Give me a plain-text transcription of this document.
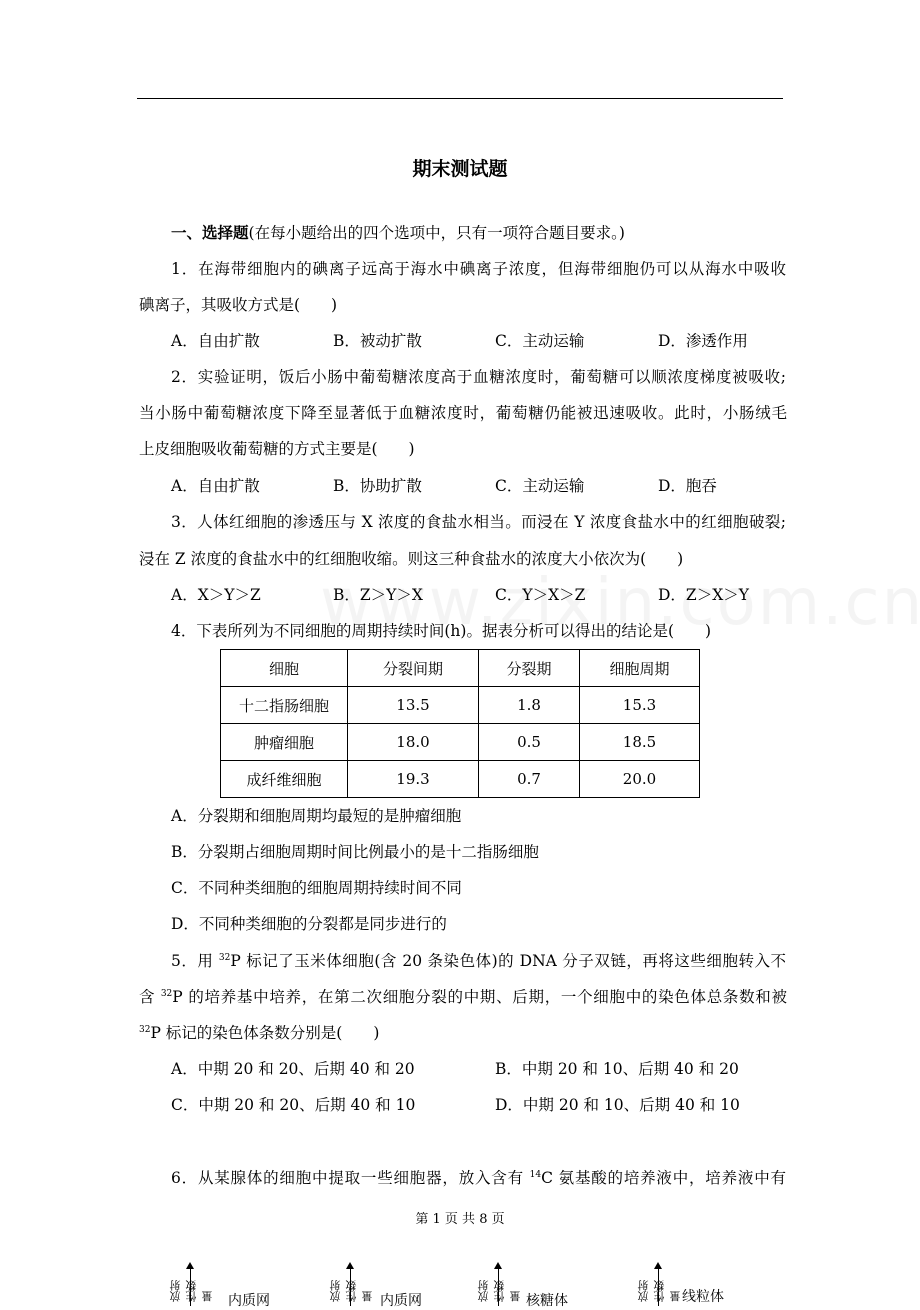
期末测试题
一、选择题(在每小题给出的四个选项中，只有一项符合题目要求。)
1．在海带细胞内的碘离子远高于海水中碘离子浓度，但海带细胞仍可以从海水中吸收
碘离子，其吸收方式是(　　)
A．自由扩散	B．被动扩散	C．主动运输	D．渗透作用
2．实验证明，饭后小肠中葡萄糖浓度高于血糖浓度时，葡萄糖可以顺浓度梯度被吸收;
当小肠中葡萄糖浓度下降至显著低于血糖浓度时，葡萄糖仍能被迅速吸收。此时，小肠绒毛
上皮细胞吸收葡萄糖的方式主要是(　　)
A．自由扩散	B．协助扩散	C．主动运输	D．胞吞
3．人体红细胞的渗透压与 X 浓度的食盐水相当。而浸在 Y 浓度食盐水中的红细胞破裂;
浸在 Z 浓度的食盐水中的红细胞收缩。则这三种食盐水的浓度大小依次为(　　)
A．X＞Y＞Z	B．Z＞Y＞X	C．Y＞X＞Z	D．Z＞X＞Y
4．下表所列为不同细胞的周期持续时间(h)。据表分析可以得出的结论是(　　)
细胞	分裂间期	分裂期	细胞周期
十二指肠细胞	13.5	1.8	15.3
肿瘤细胞	18.0	0.5	18.5
成纤维细胞	19.3	0.7	20.0
A．分裂期和细胞周期均最短的是肿瘤细胞
B．分裂期占细胞周期时间比例最小的是十二指肠细胞
C．不同种类细胞的细胞周期持续时间不同
D．不同种类细胞的分裂都是同步进行的
5．用 $^{32}$P 标记了玉米体细胞(含 20 条染色体)的 DNA 分子双链，再将这些细胞转入不
含 $^{32}$P 的培养基中培养，在第二次细胞分裂的中期、后期，一个细胞中的染色体总条数和被
$^{32}$P 标记的染色体条数分别是(　　)
A．中期 20 和 20、后期 40 和 20	B．中期 20 和 10、后期 40 和 20
C．中期 20 和 20、后期 40 和 10	D．中期 20 和 10、后期 40 和 10
6．从某腺体的细胞中提取一些细胞器，放入含有 $^{14}$C 氨基酸的培养液中，培养液中有
第 1 页 共 8 页
放射性数量 内质网	放射性数量 内质网	放射性数量 核糖体	放射性数量 线粒体
